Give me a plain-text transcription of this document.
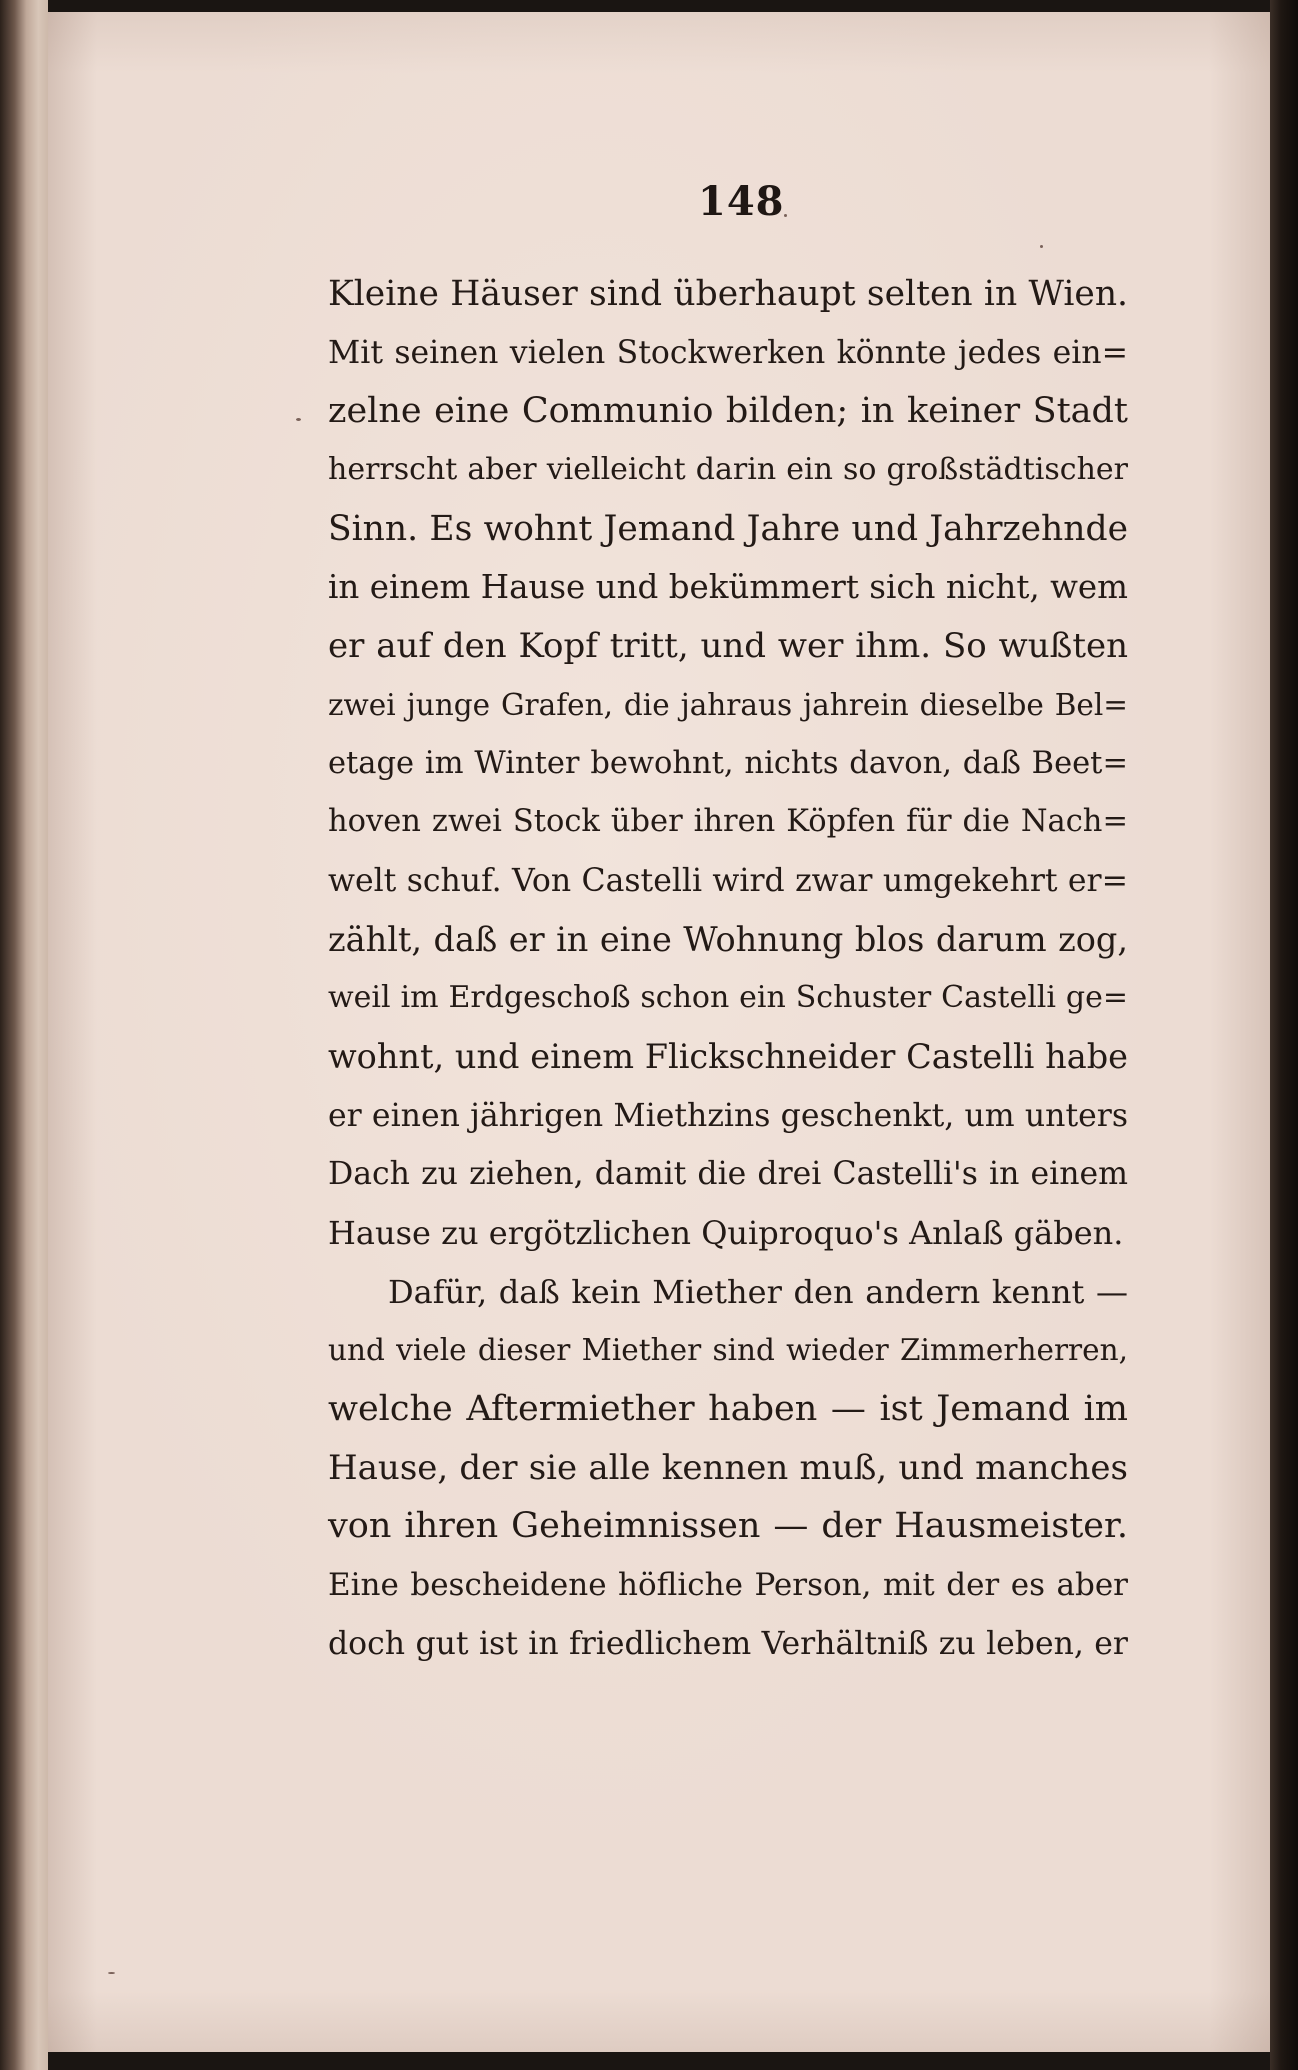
148
Kleine Häuser sind überhaupt selten in Wien.
Mit seinen vielen Stockwerken könnte jedes ein=
zelne eine Communio bilden; in keiner Stadt
herrscht aber vielleicht darin ein so großstädtischer
Sinn. Es wohnt Jemand Jahre und Jahrzehnde
in einem Hause und bekümmert sich nicht, wem
er auf den Kopf tritt, und wer ihm. So wußten
zwei junge Grafen, die jahraus jahrein dieselbe Bel=
etage im Winter bewohnt, nichts davon, daß Beet=
hoven zwei Stock über ihren Köpfen für die Nach=
welt schuf. Von Castelli wird zwar umgekehrt er=
zählt, daß er in eine Wohnung blos darum zog,
weil im Erdgeschoß schon ein Schuster Castelli ge=
wohnt, und einem Flickschneider Castelli habe
er einen jährigen Miethzins geschenkt, um unters
Dach zu ziehen, damit die drei Castelli's in einem
Hause zu ergötzlichen Quiproquo's Anlaß gäben.
Dafür, daß kein Miether den andern kennt —
und viele dieser Miether sind wieder Zimmerherren,
welche Aftermiether haben — ist Jemand im
Hause, der sie alle kennen muß, und manches
von ihren Geheimnissen — der Hausmeister.
Eine bescheidene höfliche Person, mit der es aber
doch gut ist in friedlichem Verhältniß zu leben, er
